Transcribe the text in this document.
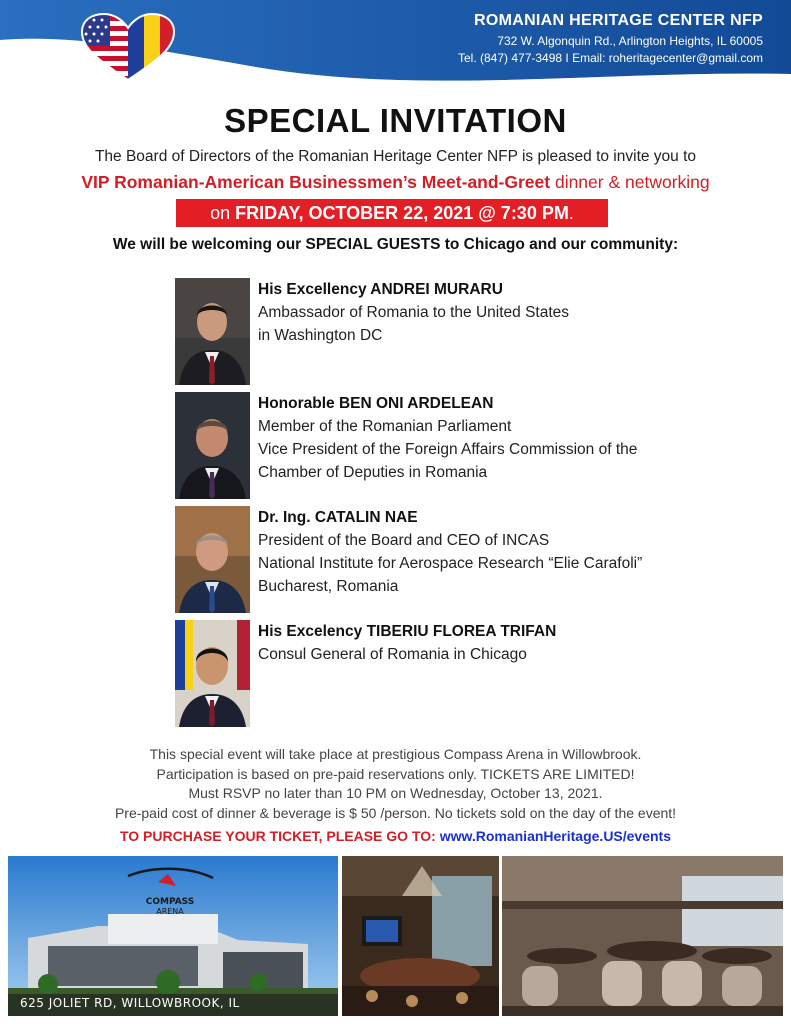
ROMANIAN HERITAGE CENTER NFP
732 W. Algonquin Rd., Arlington Heights, IL 60005
Tel. (847) 477-3498 I Email: roheritagecenter@gmail.com
SPECIAL INVITATION
The Board of Directors of the Romanian Heritage Center NFP is pleased to invite you to
VIP Romanian-American Businessmen’s Meet-and-Greet dinner & networking
on FRIDAY, OCTOBER 22, 2021 @ 7:30 PM.
We will be welcoming our SPECIAL GUESTS to Chicago and our community:
His Excellency ANDREI MURARU
Ambassador of Romania to the United States
in Washington DC
Honorable BEN ONI ARDELEAN
Member of the Romanian Parliament
Vice President of the Foreign Affairs Commission of the
Chamber of Deputies in Romania
Dr. Ing. CATALIN NAE
President of the Board and CEO of INCAS
National Institute for Aerospace Research “Elie Carafoli”
Bucharest, Romania
His Excelency TIBERIU FLOREA TRIFAN
Consul General of Romania in Chicago
This special event will take place at prestigious Compass Arena in Willowbrook.
Participation is based on pre-paid reservations only. TICKETS ARE LIMITED!
Must RSVP no later than 10 PM on Wednesday, October 13, 2021.
Pre-paid cost of dinner & beverage is $ 50 /person. No tickets sold on the day of the event!
TO PURCHASE YOUR TICKET, PLEASE GO TO: www.RomanianHeritage.US/events
COMPASS
ARENA
625 JOLIET RD, WILLOWBROOK, IL
